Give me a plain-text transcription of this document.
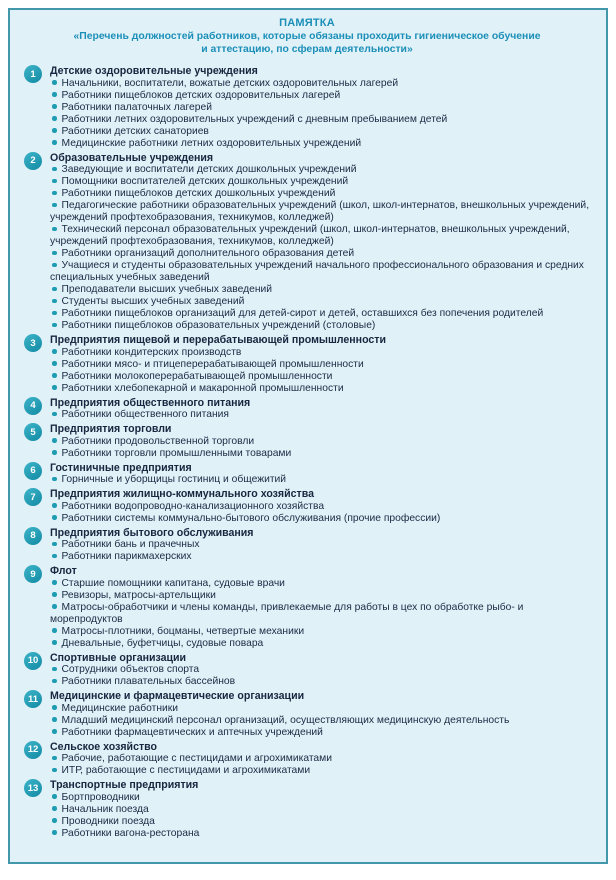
ПАМЯТКА
«Перечень должностей работников, которые обязаны проходить гигиеническое обучение
и аттестацию, по сферам деятельности»
1	Детские оздоровительные учреждения
Начальники, воспитатели, вожатые детских оздоровительных лагерей
Работники пищеблоков детских оздоровительных лагерей
Работники палаточных лагерей
Работники летних оздоровительных учреждений с дневным пребыванием детей
Работники детских санаториев
Медицинские работники летних оздоровительных учреждений
2	Образовательные учреждения
Заведующие и воспитатели детских дошкольных учреждений
Помощники воспитателей детских дошкольных учреждений
Работники пищеблоков детских дошкольных учреждений
Педагогические работники образовательных учреждений (школ, школ-интернатов, внешкольных учреждений, учреждений профтехобразования, техникумов, колледжей)
Технический персонал образовательных учреждений (школ, школ-интернатов, внешкольных учреждений, учреждений профтехобразования, техникумов, колледжей)
Работники организаций дополнительного образования детей
Учащиеся и студенты образовательных учреждений начального профессионального образования и средних специальных учебных заведений
Преподаватели высших учебных заведений
Студенты высших учебных заведений
Работники пищеблоков организаций для детей-сирот и детей, оставшихся без попечения родителей
Работники пищеблоков образовательных учреждений (столовые)
3	Предприятия пищевой и перерабатывающей промышленности
Работники кондитерских производств
Работники мясо- и птицеперерабатывающей промышленности
Работники молокоперерабатывающей промышленности
Работники хлебопекарной и макаронной промышленности
4	Предприятия общественного питания
Работники общественного питания
5	Предприятия торговли
Работники продовольственной торговли
Работники торговли промышленными товарами
6	Гостиничные предприятия
Горничные и уборщицы гостиниц и общежитий
7	Предприятия жилищно-коммунального хозяйства
Работники водопроводно-канализационного хозяйства
Работники системы коммунально-бытового обслуживания (прочие профессии)
8	Предприятия бытового обслуживания
Работники бань и прачечных
Работники парикмахерских
9	Флот
Старшие помощники капитана, судовые врачи
Ревизоры, матросы-артельщики
Матросы-обработчики и члены команды, привлекаемые для работы в цех по обработке рыбо- и морепродуктов
Матросы-плотники, боцманы, четвертые механики
Дневальные, буфетчицы, судовые повара
10	Спортивные организации
Сотрудники объектов спорта
Работники плавательных бассейнов
11	Медицинские и фармацевтические организации
Медицинские работники
Младший медицинский персонал организаций, осуществляющих медицинскую деятельность
Работники фармацевтических и аптечных учреждений
12	Сельское хозяйство
Рабочие, работающие с пестицидами и агрохимикатами
ИТР, работающие с пестицидами и агрохимикатами
13	Транспортные предприятия
Бортпроводники
Начальник поезда
Проводники поезда
Работники вагона-ресторана
